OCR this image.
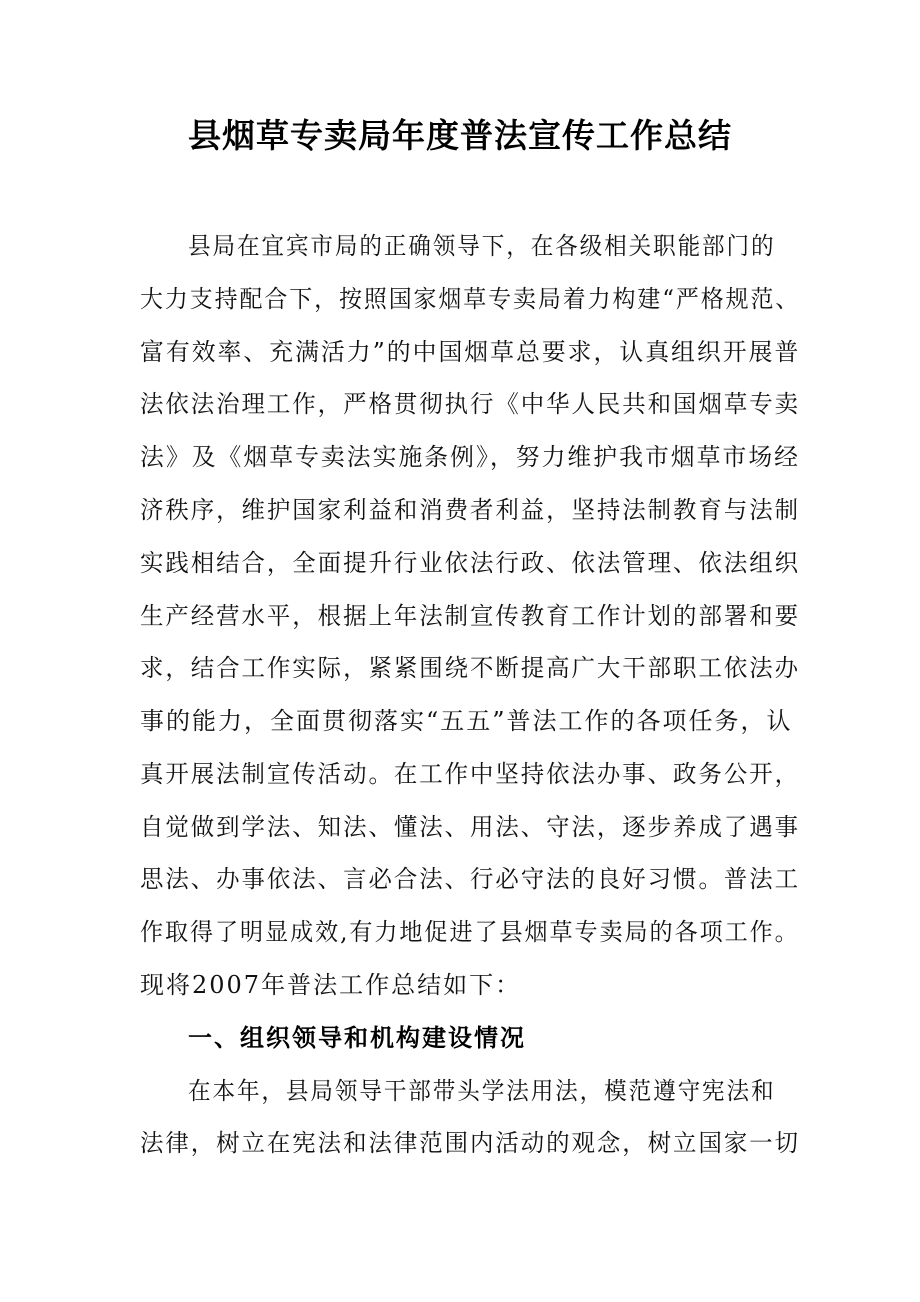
县烟草专卖局年度普法宣传工作总结
县局在宜宾市局的正确领导下，在各级相关职能部门的
大力支持配合下，按照国家烟草专卖局着力构建“严格规范、
富有效率、充满活力”的中国烟草总要求，认真组织开展普
法依法治理工作，严格贯彻执行《中华人民共和国烟草专卖
法》及《烟草专卖法实施条例》，努力维护我市烟草市场经
济秩序，维护国家利益和消费者利益，坚持法制教育与法制
实践相结合，全面提升行业依法行政、依法管理、依法组织
生产经营水平，根据上年法制宣传教育工作计划的部署和要
求，结合工作实际，紧紧围绕不断提高广大干部职工依法办
事的能力，全面贯彻落实“五五”普法工作的各项任务，认
真开展法制宣传活动。在工作中坚持依法办事、政务公开，
自觉做到学法、知法、懂法、用法、守法，逐步养成了遇事
思法、办事依法、言必合法、行必守法的良好习惯。普法工
作取得了明显成效,有力地促进了县烟草专卖局的各项工作。
现将2007年普法工作总结如下：
一、组织领导和机构建设情况
在本年，县局领导干部带头学法用法，模范遵守宪法和
法律，树立在宪法和法律范围内活动的观念，树立国家一切
